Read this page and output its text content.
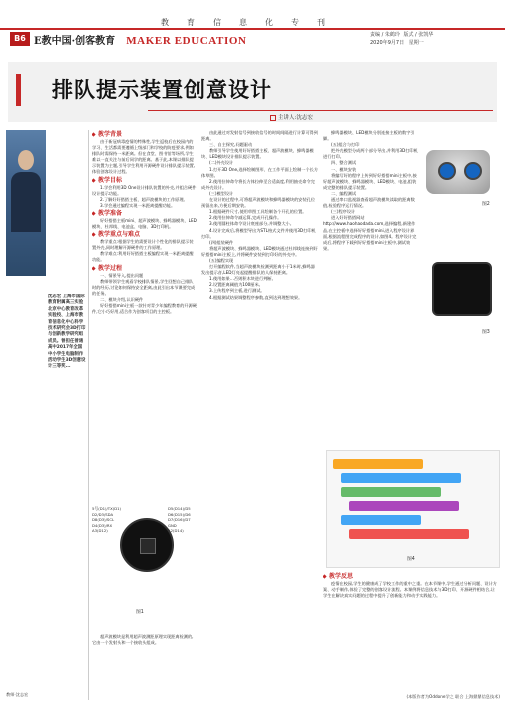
教育信息化专刊
B6 E教中国·创客教育 MAKER EDUCATION	责编 / 朱鹤玲 版式 / 张凯华
2020年9月7日 星期一
排队提示装置创意设计
主讲人:沈志宏
沈志宏 上海市国际教育附属高三实验北京中心教育改革实验校、上海市教育信息化中心科学技术研究会3D打印与创新教学研究组成员。曾担任普通高中2017年全国中小学生电脑制作活动学生3D创意设计三等奖...
教师·沈志宏

教学背景

由于新冠病毒疫情的特殊性,学生返校后在校园内的学习、生活都需要遵循上级部门和学校的防疫要求,例如排队时需保持一米距离。但在食堂、图书馆等场所,学生难以一直关注与前后同学的距离。基于此,本课以排队提示装置为主题,引导学生利用开源硬件设计排队提示装置,体验创客设计过程。

教学目标

1.学会利用3D One设计排队装置的外壳,并组合硬件设计提示功能。

2.了解好好搭搭主板、超声波模块的工作原理。

3.学会通过编程实现一米距离提醒功能。

教学准备

好好搭搭主板mini、超声波模块、蜂鸣器模块、LED模块、杜邦线、电池盒、电脑、3D打印机。

教学重点与难点

教学重点:根据学生的需要设计个性化的排队提示装置外壳,同时理解开源硬件的工作原理。

教学难点:利用好好搭搭主板编程实现一米距离提醒功能。

教学过程

一、情景导入,提出问题

教师带领学生观看学校排队情景,学生回想自己排队时的经历,讨论如何保持安全距离,由此引出本节课要完成的任务。

二、模块介绍,认识硬件

好好搭搭mini主板一款针对青少年编程教育的开源硬件,它小巧好用,适合作为创客项目的主控板。

5号(D1)/TX(D1)
D2/D3/SDA
D8(D3)/SCL
D4(D3)/RX
A3(D12)
D5(D14)/D5
D6(D15)/D6
D7(D16)/D7
GND
A2(D14)
图1

超声波模块是利用超声波测距原理实现距离检测的,它由一个发射头和一个接收头组成。

由此通过对发射信号到接收信号的时间间隔进行计算可得到距离。

三、自主探究,问题驱动

教师引导学生使用好好搭搭主板、超声波模块、蜂鸣器模块、LED模块设计排队提示装置。

(二)外壳设计

1.打开3D One,选择绘制图形、在工作平面上绘制一个长方体草图。

2.使用拉伸命令将长方体拉伸至合适高度,利用抽壳命令完成外壳设计。

(三)模型设计

在设计的过程中,可将超声波模块和蜂鸣器模块的安装孔位预留出来,方便后期安装。

1.根据硬件尺寸,使用草图工具绘制各个开孔的位置。

2.使用拉伸命令减运算,完成开孔操作。

3.使用圆柱体命令设计底座部分,并调整大小。

4.设计完成后,将模型导出为STL格式文件并使用3D打印机打印。

(四)组装硬件

将超声波模块、蜂鸣器模块、LED模块通过杜邦线连接到好好搭搭mini主板上,并将硬件安装到打印好的外壳中。

(五)编程实现

打开编程软件,当超声波模块检测到距离小于1米时,蜂鸣器发出提示音,LED灯亮起提醒排队的人保持距离。

1.使用如果…否则积木块进行判断。

2.设置距离阈值为100厘米。

3.上传程序到主板,进行测试。

4.根据测试结果调整程序参数,直到达到理想效果。

蜂鸣器模块、LED模块分别连接主板的数字引脚。

(五)组合与打印

把外壳模型分成两个部分导出,并利用3D打印机进行打印。

四、整合测试

一、模块安装

将编写好的程序上传到好好搭搭mini主板中,接好超声波模块、蜂鸣器模块、LED模块、电池,组装成完整的排队提示装置。

二、编程测试

通过串口监视器查看超声波模块读取的距离数值,检验程序运行情况。

(三)程序设计

进入好好搭搭网站http://www.haohaodada.com,选择编程,新建作品,在主控板中选择好好搭搭mini,进入程序设计界面,根据流程图完成程序的设计,如图4。程序设计完成后,将程序下载到好好搭搭mini主板中,测试效果。

图2
图3
图4

教学反思

疫情在校园,学生的健康成了学校工作的重中之重。在本节课中,学生通过分析问题、设计方案、动手制作,体验了完整的创客设计流程。本课例将信息技术与3D打印、开源硬件相结合,让学生在解决真实问题的过程中提升了创新能力和动手实践能力。

(本版作者为Oddone学之 联合 上海鼎鼎信息技术)
